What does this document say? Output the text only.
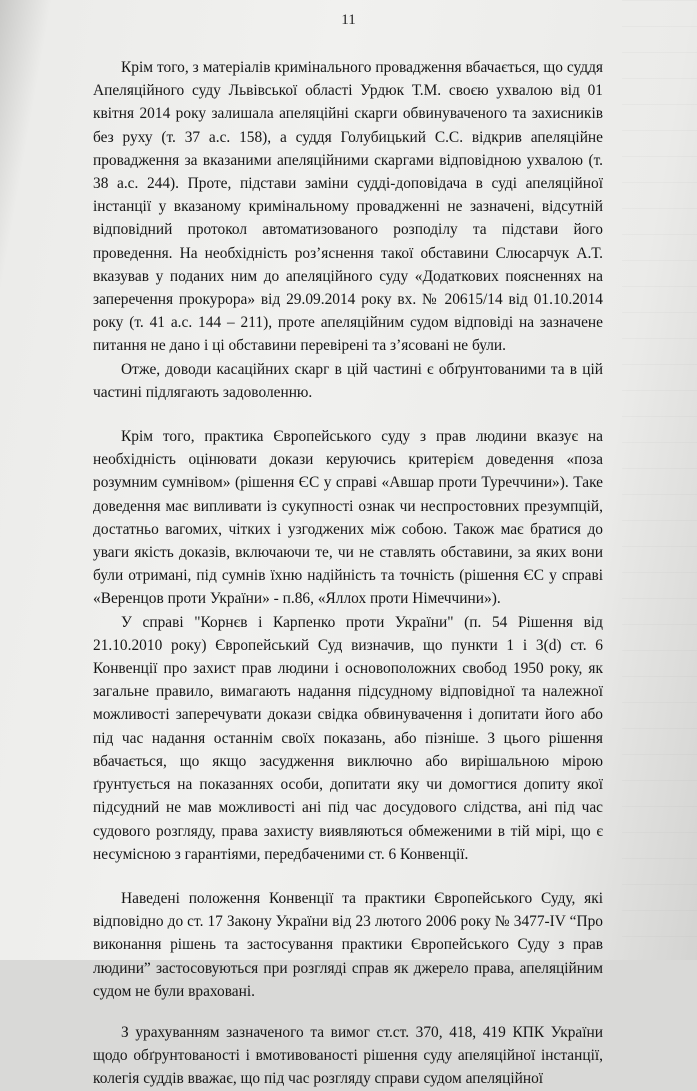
11

Крім того, з матеріалів кримінального провадження вбачається, що суддя Апеляційного суду Львівської області Урдюк Т.М. своєю ухвалою від 01 квітня 2014 року залишала апеляційні скарги обвинуваченого та захисників без руху (т. 37 а.с. 158), а суддя Голубицький С.С. відкрив апеляційне провадження за вказаними апеляційними скаргами відповідною ухвалою (т. 38 а.с. 244). Проте, підстави заміни судді-доповідача в суді апеляційної інстанції у вказаному кримінальному провадженні не зазначені, відсутній відповідний протокол автоматизованого розподілу та підстави його проведення. На необхідність роз’яснення такої обставини Слюсарчук А.Т. вказував у поданих ним до апеляційного суду «Додаткових поясненнях на заперечення прокурора» від 29.09.2014 року вх. № 20615/14 від 01.10.2014 року (т. 41 а.с. 144 – 211), проте апеляційним судом відповіді на зазначене питання не дано і ці обставини перевірені та з’ясовані не були.

Отже, доводи касаційних скарг в цій частині є обґрунтованими та в цій частині підлягають задоволенню.

Крім того, практика Європейського суду з прав людини вказує на необхідність оцінювати докази керуючись критерієм доведення «поза розумним сумнівом» (рішення ЄС у справі «Авшар проти Туреччини»). Таке доведення має випливати із сукупності ознак чи неспростовних презумпцій, достатньо вагомих, чітких і узгоджених між собою. Також має братися до уваги якість доказів, включаючи те, чи не ставлять обставини, за яких вони були отримані, під сумнів їхню надійність та точність (рішення ЄС у справі «Веренцов проти України» - п.86, «Яллох проти Німеччини»).

У справі "Корнєв і Карпенко проти України" (п. 54 Рішення від 21.10.2010 року) Європейський Суд визначив, що пункти 1 і 3(d) ст. 6 Конвенції про захист прав людини і основоположних свобод 1950 року, як загальне правило, вимагають надання підсудному відповідної та належної можливості заперечувати докази свідка обвинувачення і допитати його або під час надання останнім своїх показань, або пізніше. З цього рішення вбачається, що якщо засудження виключно або вирішальною мірою ґрунтується на показаннях особи, допитати яку чи домогтися допиту якої підсудний не мав можливості ані під час досудового слідства, ані під час судового розгляду, права захисту виявляються обмеженими в тій мірі, що є несумісною з гарантіями, передбаченими ст. 6 Конвенції.

Наведені положення Конвенції та практики Європейського Суду, які відповідно до ст. 17 Закону України від 23 лютого 2006 року № 3477-IV “Про виконання рішень та застосування практики Європейського Суду з прав людини” застосовуються при розгляді справ як джерело права, апеляційним судом не були враховані.

З урахуванням зазначеного та вимог ст.ст. 370, 418, 419 КПК України щодо обґрунтованості і вмотивованості рішення суду апеляційної інстанції, колегія суддів вважає, що під час розгляду справи судом апеляційної
